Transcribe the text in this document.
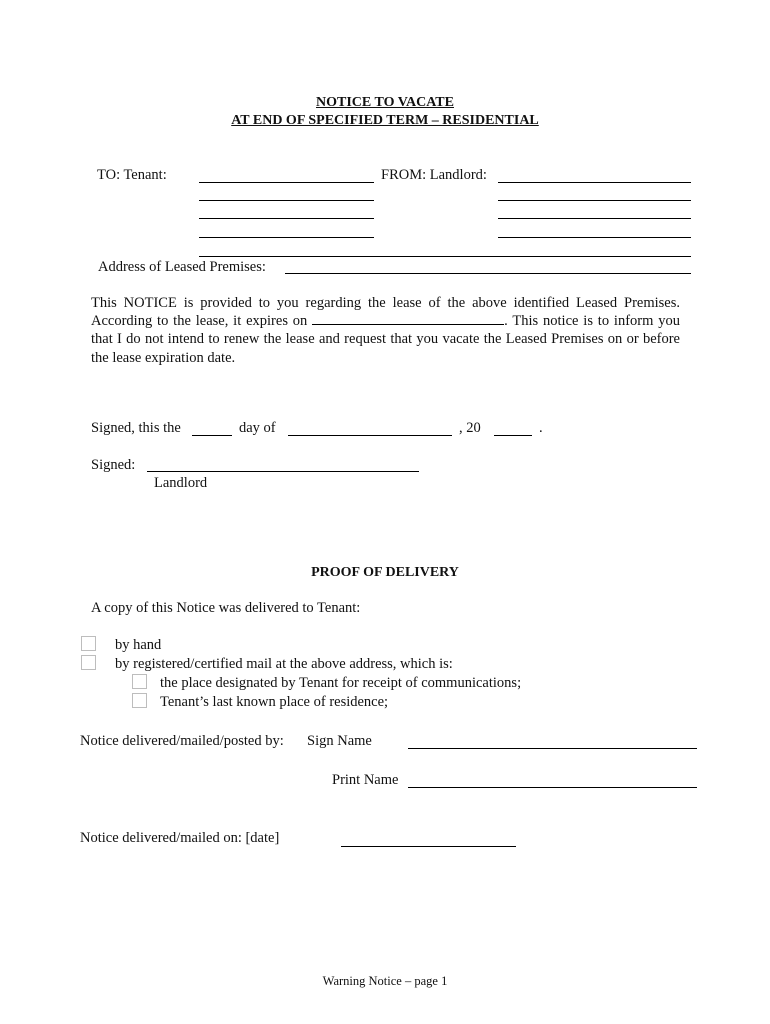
NOTICE TO VACATE
AT END OF SPECIFIED TERM – RESIDENTIAL
TO: Tenant:	FROM: Landlord:
Address of Leased Premises:
This NOTICE is provided to you regarding the lease of the above identified Leased Premises. According to the lease, it expires on	. This notice is to inform you that I do not intend to renew the lease and request that you vacate the Leased Premises on or before the lease expiration date.
Signed, this the	day of	, 20	.
Signed:
Landlord
PROOF OF DELIVERY
A copy of this Notice was delivered to Tenant:
by hand
by registered/certified mail at the above address, which is:
the place designated by Tenant for receipt of communications;
Tenant’s last known place of residence;
Notice delivered/mailed/posted by: Sign Name
Print Name
Notice delivered/mailed on: [date]
Warning Notice – page 1
